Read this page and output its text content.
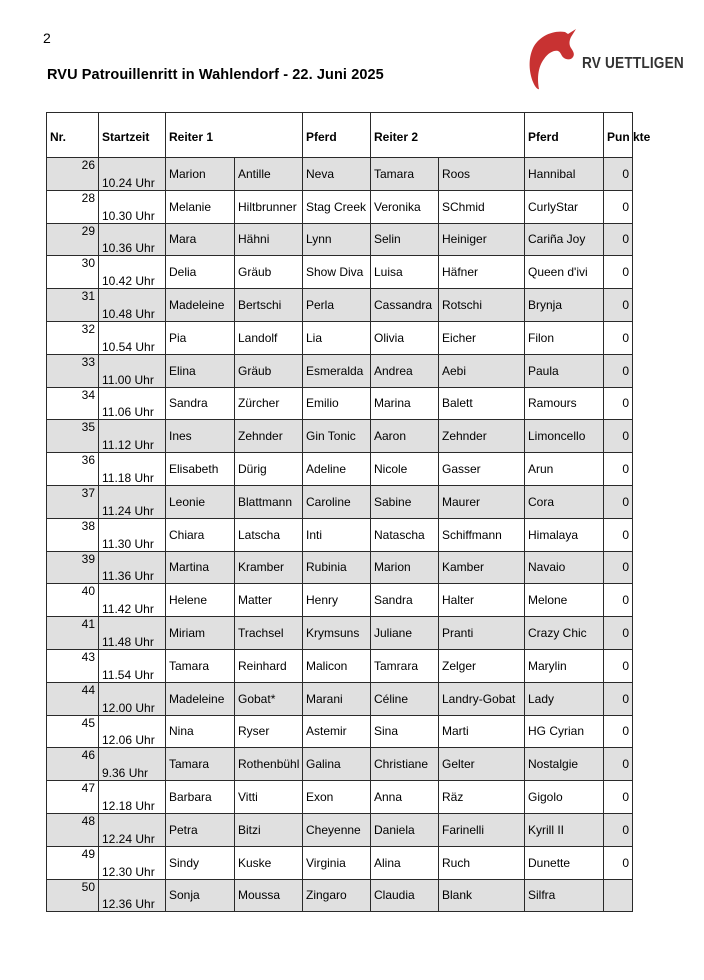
2
RV UETTLIGEN
RVU Patrouillenritt in Wahlendorf - 22. Juni 2025
Nr.	Startzeit	Reiter 1		Pferd	Reiter 2		Pferd	Pun kte
26	10.24 Uhr	Marion	Antille	Neva	Tamara	Roos	Hannibal	0
28	10.30 Uhr	Melanie	Hiltbrunner	Stag Creek	Veronika	SChmid	CurlyStar	0
29	10.36 Uhr	Mara	Hähni	Lynn	Selin	Heiniger	Cariña Joy	0
30	10.42 Uhr	Delia	Gräub	Show Diva	Luisa	Häfner	Queen d'ivi	0
31	10.48 Uhr	Madeleine	Bertschi	Perla	Cassandra	Rotschi	Brynja	0
32	10.54 Uhr	Pia	Landolf	Lia	Olivia	Eicher	Filon	0
33	11.00 Uhr	Elina	Gräub	Esmeralda	Andrea	Aebi	Paula	0
34	11.06 Uhr	Sandra	Zürcher	Emilio	Marina	Balett	Ramours	0
35	11.12 Uhr	Ines	Zehnder	Gin Tonic	Aaron	Zehnder	Limoncello	0
36	11.18 Uhr	Elisabeth	Dürig	Adeline	Nicole	Gasser	Arun	0
37	11.24 Uhr	Leonie	Blattmann	Caroline	Sabine	Maurer	Cora	0
38	11.30 Uhr	Chiara	Latscha	Inti	Natascha	Schiffmann	Himalaya	0
39	11.36 Uhr	Martina	Kramber	Rubinia	Marion	Kamber	Navaio	0
40	11.42 Uhr	Helene	Matter	Henry	Sandra	Halter	Melone	0
41	11.48 Uhr	Miriam	Trachsel	Krymsuns	Juliane	Pranti	Crazy Chic	0
43	11.54 Uhr	Tamara	Reinhard	Malicon	Tamrara	Zelger	Marylin	0
44	12.00 Uhr	Madeleine	Gobat*	Marani	Céline	Landry-Gobat	Lady	0
45	12.06 Uhr	Nina	Ryser	Astemir	Sina	Marti	HG Cyrian	0
46	9.36 Uhr	Tamara	Rothenbühl	Galina	Christiane	Gelter	Nostalgie	0
47	12.18 Uhr	Barbara	Vitti	Exon	Anna	Räz	Gigolo	0
48	12.24 Uhr	Petra	Bitzi	Cheyenne	Daniela	Farinelli	Kyrill II	0
49	12.30 Uhr	Sindy	Kuske	Virginia	Alina	Ruch	Dunette	0
50	12.36 Uhr	Sonja	Moussa	Zingaro	Claudia	Blank	Silfra	
